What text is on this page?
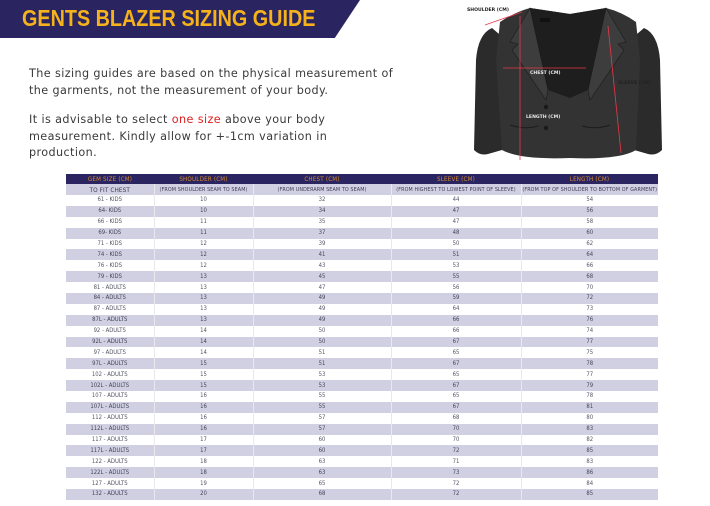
GENTS BLAZER SIZING GUIDE

The sizing guides are based on the physical measurement of the garments, not the measurement of your body.

It is advisable to select one size above your body measurement. Kindly allow for +-1cm variation in production.

SHOULDER (CM)
CHEST (CM)
SLEEVE (CM)
LENGTH (CM)
GEM SIZE (CM)	SHOULDER (CM)	CHEST (CM)	SLEEVE (CM)	LENGTH (CM)
TO FIT CHEST	(FROM SHOULDER SEAM TO SEAM)	(FROM UNDERARM SEAM TO SEAM)	(FROM HIGHEST TO LOWEST POINT OF SLEEVE)	(FROM TOP OF SHOULDER TO BOTTOM OF GARMENT)
61 - KIDS	10	32	44	54
64- KIDS	10	34	47	56
66 - KIDS	11	35	47	58
69- KIDS	11	37	48	60
71 - KIDS	12	39	50	62
74 - KIDS	12	41	51	64
76 - KIDS	12	43	53	66
79 - KIDS	13	45	55	68
81 - ADULTS	13	47	56	70
84 - ADULTS	13	49	59	72
87 - ADULTS	13	49	64	73
87L - ADULTS	13	49	66	76
92 - ADULTS	14	50	66	74
92L - ADULTS	14	50	67	77
97 - ADULTS	14	51	65	75
97L - ADULTS	15	51	67	78
102 - ADULTS	15	53	65	77
102L - ADULTS	15	53	67	79
107 - ADULTS	16	55	65	78
107L - ADULTS	16	55	67	81
112 - ADULTS	16	57	68	80
112L - ADULTS	16	57	70	83
117 - ADULTS	17	60	70	82
117L - ADULTS	17	60	72	85
122 - ADULTS	18	63	71	83
122L - ADULTS	18	63	73	86
127 - ADULTS	19	65	72	84
132 - ADULTS	20	68	72	85
